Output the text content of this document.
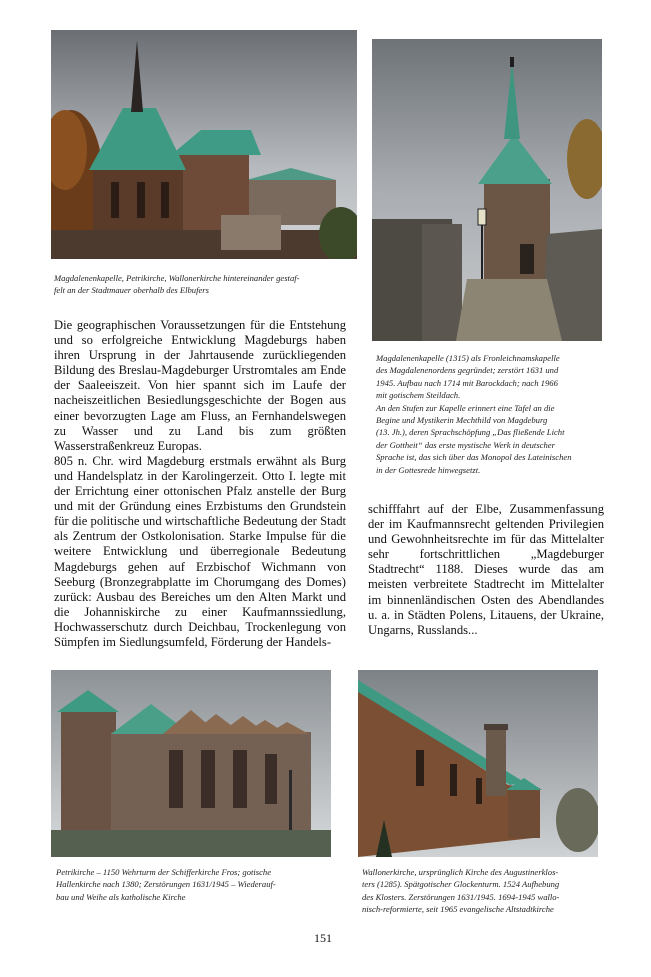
Magdalenenkapelle, Petrikirche, Wallonerkirche hintereinander gestaf-
felt an der Stadtmauer oberhalb des Elbufers

Magdalenenkapelle (1315) als Fronleichnamskapelle
des Magdalenenordens gegründet; zerstört 1631 und
1945. Aufbau nach 1714 mit Barockdach; nach 1966
mit gotischem Steildach.
An den Stufen zur Kapelle erinnert eine Tafel an die
Begine und Mystikerin Mechthild von Magdeburg
(13. Jh.), deren Sprachschöpfung „Das fließende Licht
der Gottheit“ das erste mystische Werk in deutscher
Sprache ist, das sich über das Monopol des Lateinischen
in der Gottesrede hinwegsetzt.

Die geographischen Voraussetzungen für die Entstehung und so erfolgreiche Entwicklung Magdeburgs haben ihren Ursprung in der Jahrtausende zurückliegenden Bildung des Breslau-Magdeburger Urstromtales am Ende der Saaleeiszeit. Von hier spannt sich im Laufe der nacheiszeitlichen Besiedlungsgeschichte der Bogen aus einer bevorzugten Lage am Fluss, an Fernhandelswegen zu Wasser und zu Land bis zum größten Wasserstraßenkreuz Europas.
805 n. Chr. wird Magdeburg erstmals erwähnt als Burg und Handelsplatz in der Karolingerzeit. Otto I. legte mit der Errichtung einer ottonischen Pfalz anstelle der Burg und mit der Gründung eines Erzbistums den Grundstein für die politische und wirtschaftliche Bedeutung der Stadt als Zentrum der Ostkolonisation. Starke Impulse für die weitere Entwicklung und überregionale Bedeutung Magdeburgs gehen auf Erzbischof Wichmann von Seeburg (Bronzegrabplatte im Chorumgang des Domes) zurück: Ausbau des Bereiches um den Alten Markt und die Johanniskirche zu einer Kaufmannssiedlung, Hochwasserschutz durch Deichbau, Trockenlegung von Sümpfen im Siedlungsumfeld, Förderung der Handels-

schifffahrt auf der Elbe, Zusammenfassung der im Kaufmannsrecht geltenden Privilegien und Gewohnheitsrechte im für das Mittelalter sehr fortschrittlichen „Magdeburger Stadtrecht“ 1188. Dieses wurde das am meisten verbreitete Stadtrecht im Mittelalter im binnenländischen Osten des Abendlandes u. a. in Städten Polens, Litauens, der Ukraine, Ungarns, Russlands...

Petrikirche – 1150 Wehrturm der Schifferkirche Fros; gotische
Hallenkirche nach 1380; Zerstörungen 1631/1945 – Wiederauf-
bau und Weihe als katholische Kirche

Wallonerkirche, ursprünglich Kirche des Augustinerklos-
ters (1285). Spätgotischer Glockenturm. 1524 Aufhebung
des Klosters. Zerstörungen 1631/1945. 1694-1945 wallo-
nisch-reformierte, seit 1965 evangelische Altstadtkirche

151
